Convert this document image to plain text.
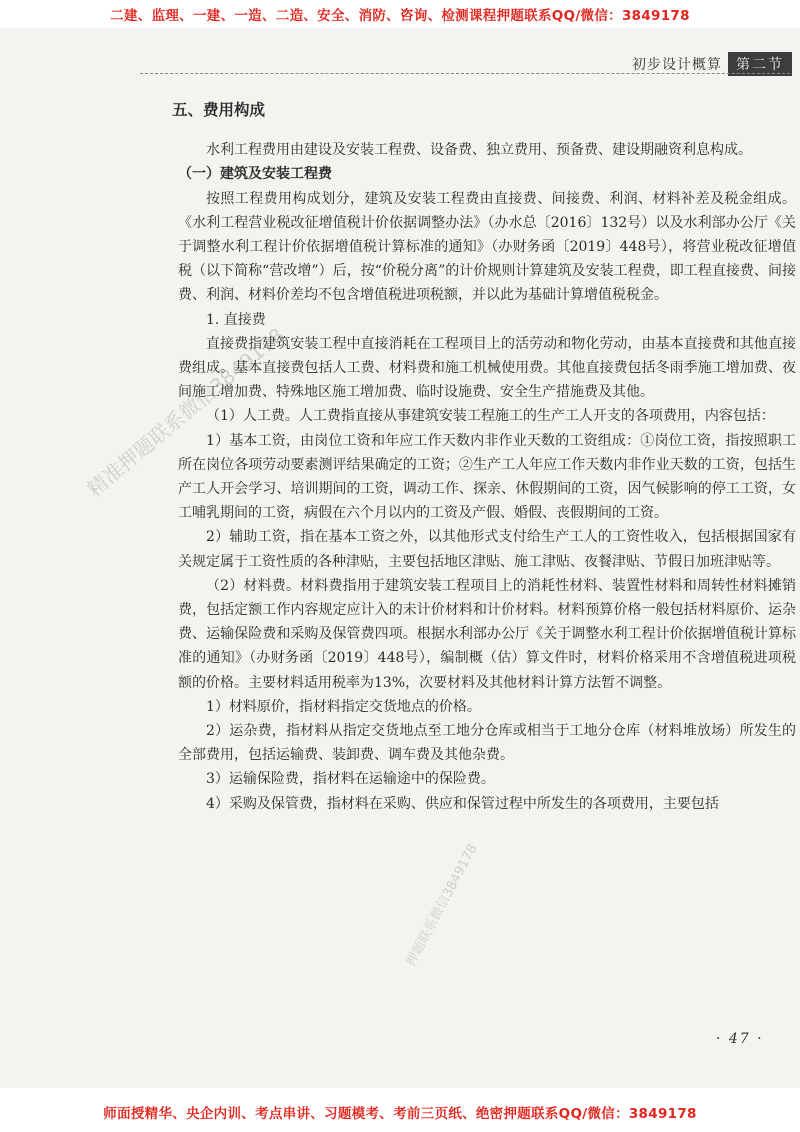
二建、监理、一建、一造、二造、安全、消防、咨询、检测课程押题联系QQ/微信：3849178
初步设计概算	第二节

五、费用构成

水利工程费用由建设及安装工程费、设备费、独立费用、预备费、建设期融资利息构成。

（一）建筑及安装工程费

按照工程费用构成划分，建筑及安装工程费由直接费、间接费、利润、材料补差及税金组成。《水利工程营业税改征增值税计价依据调整办法》（办水总〔2016〕132号）以及水利部办公厅《关于调整水利工程计价依据增值税计算标准的通知》（办财务函〔2019〕448号），将营业税改征增值税（以下简称“营改增”）后，按“价税分离”的计价规则计算建筑及安装工程费，即工程直接费、间接费、利润、材料价差均不包含增值税进项税额，并以此为基础计算增值税税金。

1. 直接费

直接费指建筑安装工程中直接消耗在工程项目上的活劳动和物化劳动，由基本直接费和其他直接费组成。基本直接费包括人工费、材料费和施工机械使用费。其他直接费包括冬雨季施工增加费、夜间施工增加费、特殊地区施工增加费、临时设施费、安全生产措施费及其他。

（1）人工费。人工费指直接从事建筑安装工程施工的生产工人开支的各项费用，内容包括：

1）基本工资，由岗位工资和年应工作天数内非作业天数的工资组成：①岗位工资，指按照职工所在岗位各项劳动要素测评结果确定的工资；②生产工人年应工作天数内非作业天数的工资，包括生产工人开会学习、培训期间的工资，调动工作、探亲、休假期间的工资，因气候影响的停工工资，女工哺乳期间的工资，病假在六个月以内的工资及产假、婚假、丧假期间的工资。

2）辅助工资，指在基本工资之外，以其他形式支付给生产工人的工资性收入，包括根据国家有关规定属于工资性质的各种津贴，主要包括地区津贴、施工津贴、夜餐津贴、节假日加班津贴等。

（2）材料费。材料费指用于建筑安装工程项目上的消耗性材料、装置性材料和周转性材料摊销费，包括定额工作内容规定应计入的未计价材料和计价材料。材料预算价格一般包括材料原价、运杂费、运输保险费和采购及保管费四项。根据水利部办公厅《关于调整水利工程计价依据增值税计算标准的通知》（办财务函〔2019〕448号），编制概（估）算文件时，材料价格采用不含增值税进项税额的价格。主要材料适用税率为13%，次要材料及其他材料计算方法暂不调整。

1）材料原价，指材料指定交货地点的价格。

2）运杂费，指材料从指定交货地点至工地分仓库或相当于工地分仓库（材料堆放场）所发生的全部费用，包括运输费、装卸费、调车费及其他杂费。

3）运输保险费，指材料在运输途中的保险费。

4）采购及保管费，指材料在采购、供应和保管过程中所发生的各项费用，主要包括

· 47 ·
精准押题联系微信3849178
押题联系微信3849178
师面授精华、央企内训、考点串讲、习题模考、考前三页纸、绝密押题联系QQ/微信：3849178
